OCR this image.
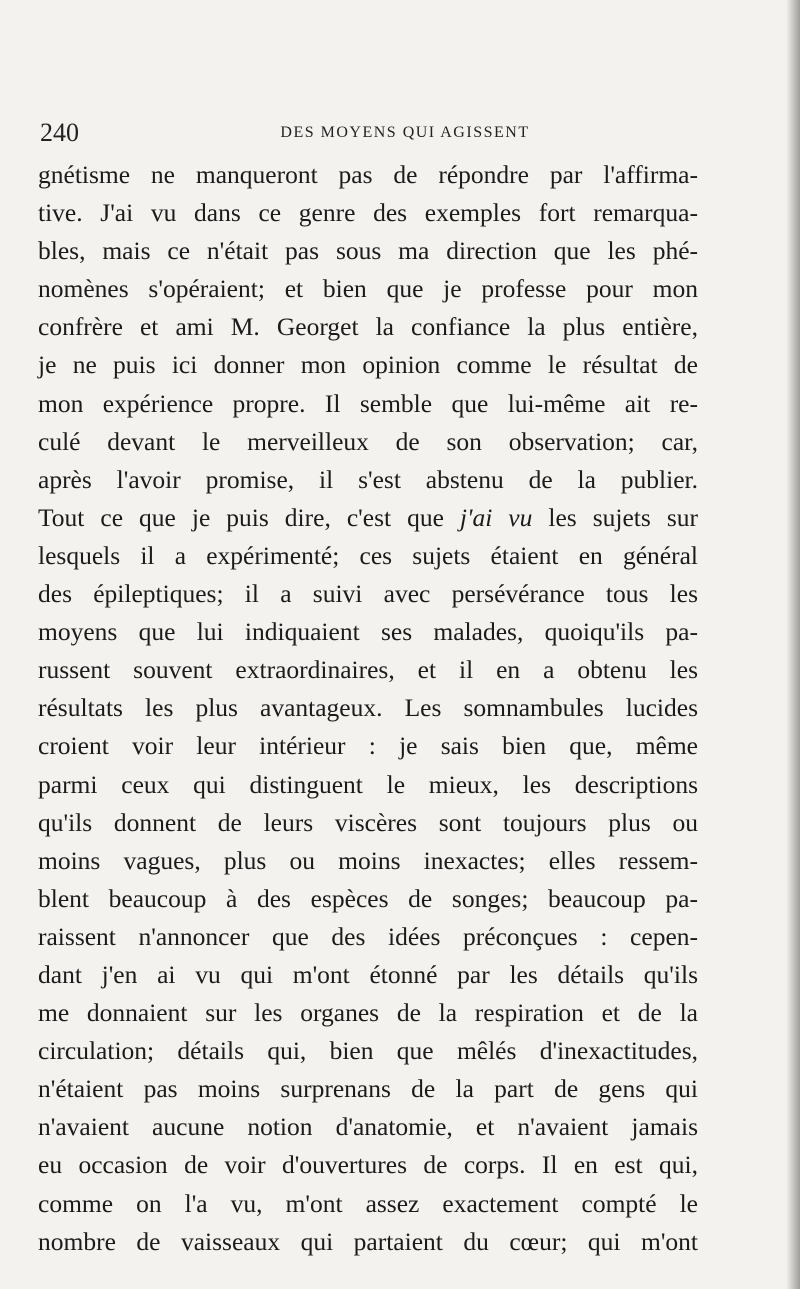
240	DES MOYENS QUI AGISSENT
gnétisme ne manqueront pas de répondre par l'affirma-
tive. J'ai vu dans ce genre des exemples fort remarqua-
bles, mais ce n'était pas sous ma direction que les phé-
nomènes s'opéraient; et bien que je professe pour mon
confrère et ami M. Georget la confiance la plus entière,
je ne puis ici donner mon opinion comme le résultat de
mon expérience propre. Il semble que lui-même ait re-
culé devant le merveilleux de son observation; car,
après l'avoir promise, il s'est abstenu de la publier.
Tout ce que je puis dire, c'est que j'ai vu les sujets sur
lesquels il a expérimenté; ces sujets étaient en général
des épileptiques; il a suivi avec persévérance tous les
moyens que lui indiquaient ses malades, quoiqu'ils pa-
russent souvent extraordinaires, et il en a obtenu les
résultats les plus avantageux. Les somnambules lucides
croient voir leur intérieur : je sais bien que, même
parmi ceux qui distinguent le mieux, les descriptions
qu'ils donnent de leurs viscères sont toujours plus ou
moins vagues, plus ou moins inexactes; elles ressem-
blent beaucoup à des espèces de songes; beaucoup pa-
raissent n'annoncer que des idées préconçues : cepen-
dant j'en ai vu qui m'ont étonné par les détails qu'ils
me donnaient sur les organes de la respiration et de la
circulation; détails qui, bien que mêlés d'inexactitudes,
n'étaient pas moins surprenans de la part de gens qui
n'avaient aucune notion d'anatomie, et n'avaient jamais
eu occasion de voir d'ouvertures de corps. Il en est qui,
comme on l'a vu, m'ont assez exactement compté le
nombre de vaisseaux qui partaient du cœur; qui m'ont
